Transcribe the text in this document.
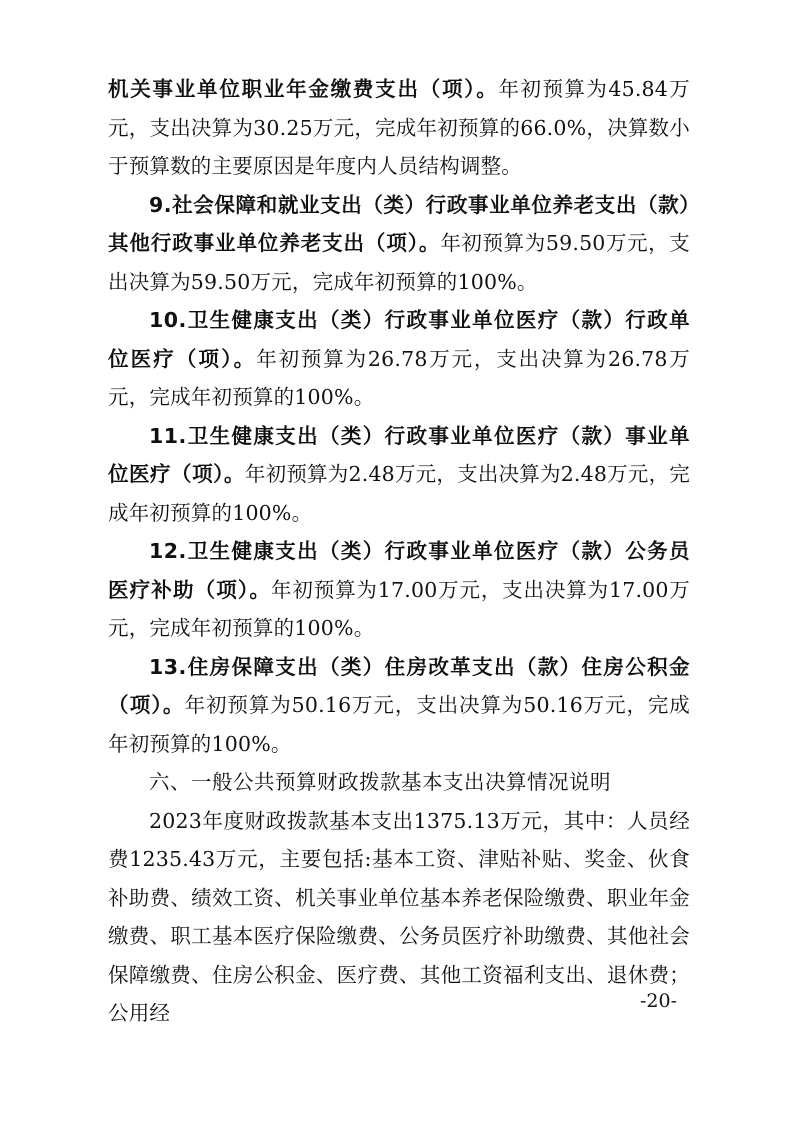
机关事业单位职业年金缴费支出（项）。年初预算为45.84万元，支出决算为30.25万元，完成年初预算的66.0%，决算数小于预算数的主要原因是年度内人员结构调整。

9.社会保障和就业支出（类）行政事业单位养老支出（款）其他行政事业单位养老支出（项）。年初预算为59.50万元，支出决算为59.50万元，完成年初预算的100%。

10.卫生健康支出（类）行政事业单位医疗（款）行政单位医疗（项）。年初预算为26.78万元，支出决算为26.78万元，完成年初预算的100%。

11.卫生健康支出（类）行政事业单位医疗（款）事业单位医疗（项）。年初预算为2.48万元，支出决算为2.48万元，完成年初预算的100%。

12.卫生健康支出（类）行政事业单位医疗（款）公务员医疗补助（项）。年初预算为17.00万元，支出决算为17.00万元，完成年初预算的100%。

13.住房保障支出（类）住房改革支出（款）住房公积金（项）。年初预算为50.16万元，支出决算为50.16万元，完成年初预算的100%。

六、一般公共预算财政拨款基本支出决算情况说明

2023年度财政拨款基本支出1375.13万元，其中：人员经费1235.43万元，主要包括:基本工资、津贴补贴、奖金、伙食补助费、绩效工资、机关事业单位基本养老保险缴费、职业年金缴费、职工基本医疗保险缴费、公务员医疗补助缴费、其他社会保障缴费、住房公积金、医疗费、其他工资福利支出、退休费；公用经	-20-
